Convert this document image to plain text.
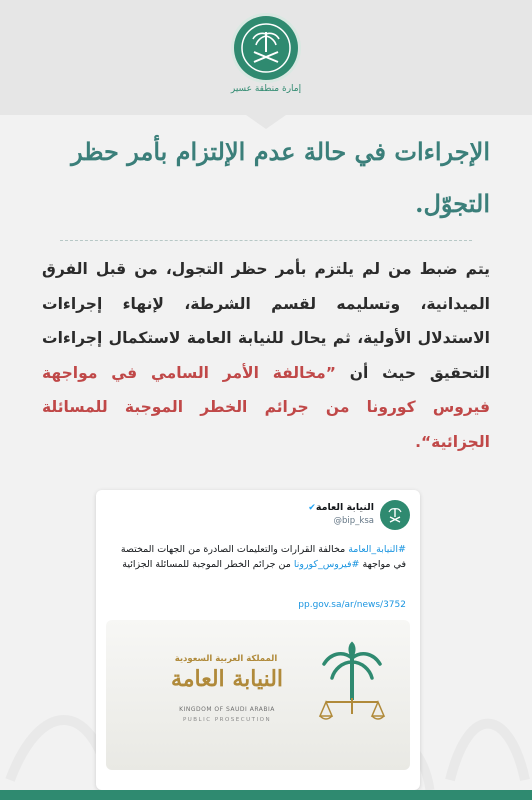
إمارة منطقة عسير
الإجراءات في حالة عدم الإلتزام بأمر حظر التجوّل.
يتم ضبط من لم يلتزم بأمر حظر التجول، من قبل الفرق الميدانية، وتسليمه لقسم الشرطة، لإنهاء إجراءات الاستدلال الأولية، ثم يحال للنيابة العامة لاستكمال إجراءات التحقيق حيث أن ”مخالفة الأمر السامي في مواجهة فيروس كورونا من جرائم الخطر الموجبة للمسائلة الجزائية“.
النيابة العامة✔
@bip_ksa
#النيابة_العامة مخالفة القرارات والتعليمات الصادرة من الجهات المختصة في مواجهة #فيروس_كورونا من جرائم الخطر الموجبة للمسائلة الجزائية
pp.gov.sa/ar/news/3752
المملكة العربية السعودية
النيابة العامة
KINGDOM OF SAUDI ARABIA
PUBLIC PROSECUTION
